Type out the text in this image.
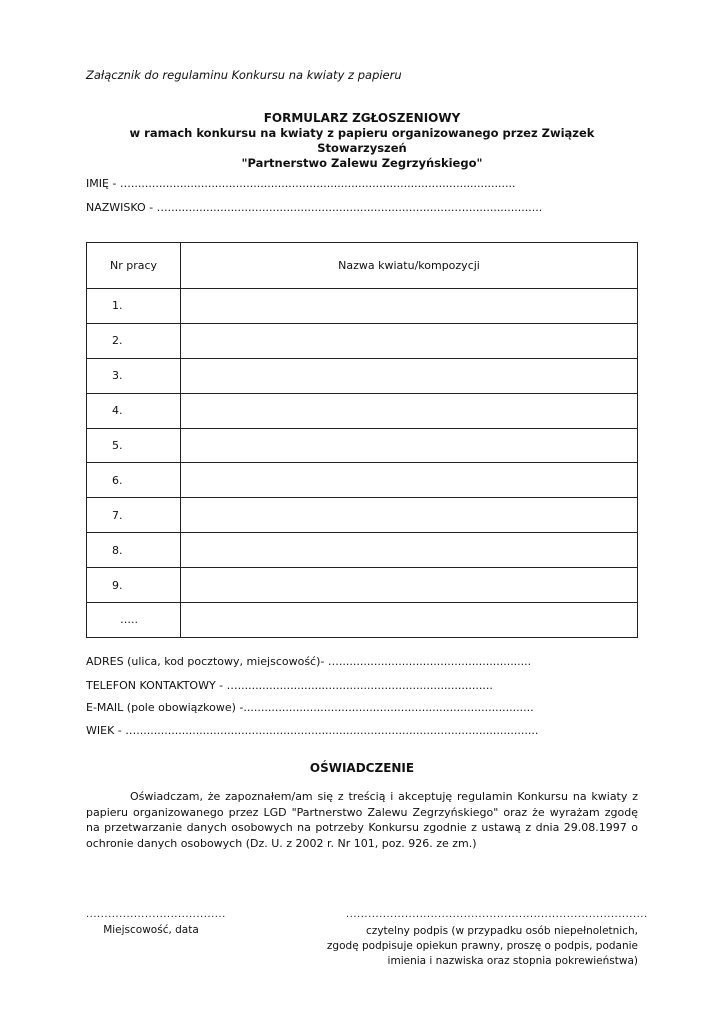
Załącznik do regulaminu Konkursu na kwiaty z papieru
FORMULARZ ZGŁOSZENIOWY
w ramach konkursu na kwiaty z papieru organizowanego przez Związek Stowarzyszeń
"Partnerstwo Zalewu Zegrzyńskiego"
IMIĘ - …..............................................................................................................
NAZWISKO - …..................................................................................…......................
Nr pracy	Nazwa kwiatu/kompozycji
1.	
2.	
3.	
4.	
5.	
6.	
7.	
8.	
9.	
…..	
ADRES (ulica, kod pocztowy, miejscowość)- ….......................................................
TELEFON KONTAKTOWY - ….........................................................................
E-MAIL (pole obowiązkowe) -...................................................................................
WIEK - …...................................................................................................................
OŚWIADCZENIE
Oświadczam, że zapoznałem/am się z treścią i akceptuję regulamin Konkursu na kwiaty z papieru organizowanego przez LGD "Partnerstwo Zalewu Zegrzyńskiego" oraz że wyrażam zgodę na przetwarzanie danych osobowych na potrzeby Konkursu zgodnie z ustawą z dnia 29.08.1997 o ochronie danych osobowych (Dz. U. z 2002 r. Nr 101, poz. 926. ze zm.)
......................................
Miejscowość, data
..................................................................................
czytelny podpis (w przypadku osób niepełnoletnich,
zgodę podpisuje opiekun prawny, proszę o podpis, podanie
imienia i nazwiska oraz stopnia pokrewieństwa)
